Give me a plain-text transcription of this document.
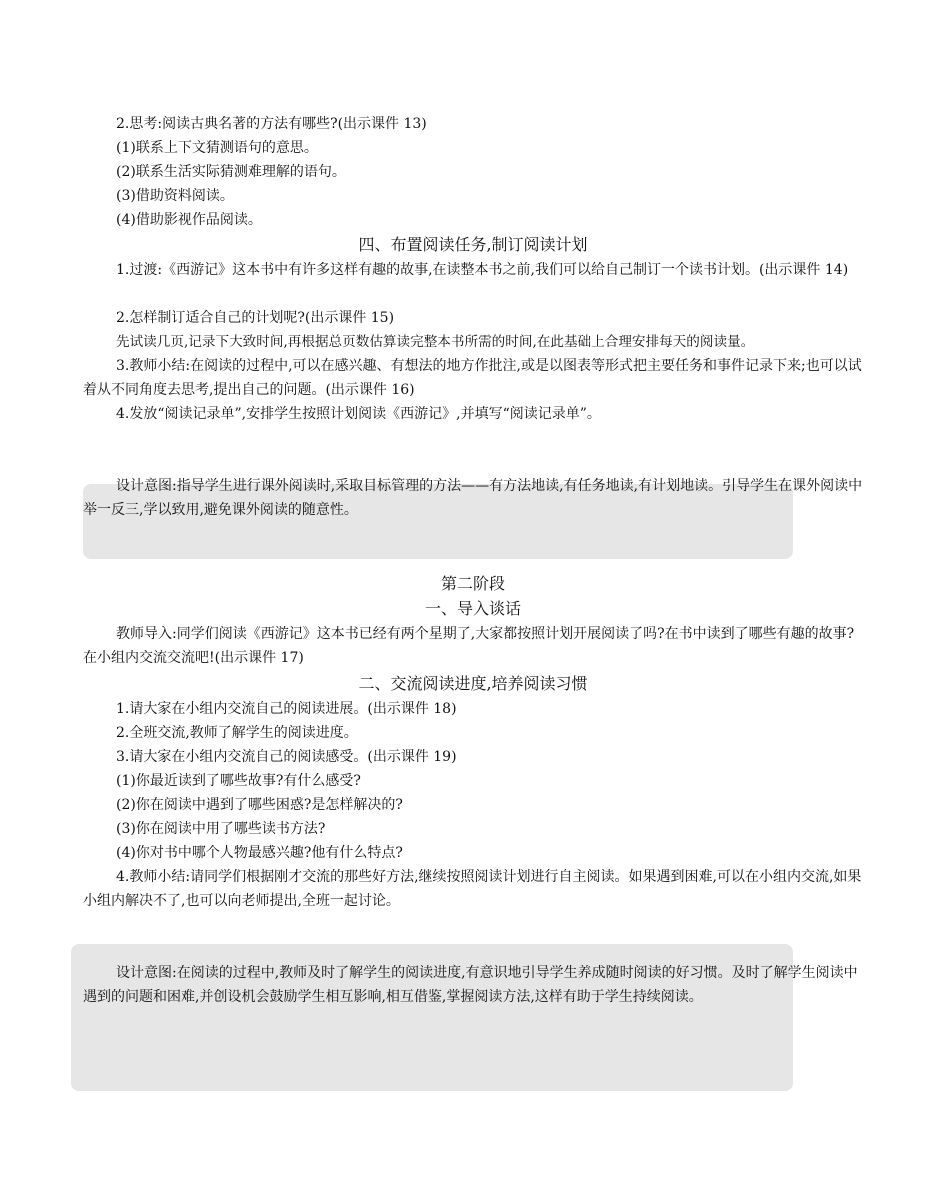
2.思考:阅读古典名著的方法有哪些?(出示课件 13)
(1)联系上下文猜测语句的意思。
(2)联系生活实际猜测难理解的语句。
(3)借助资料阅读。
(4)借助影视作品阅读。
四、布置阅读任务,制订阅读计划

1.过渡:《西游记》这本书中有许多这样有趣的故事,在读整本书之前,我们可以给自己制订一个读书计划。(出示课件 14)

2.怎样制订适合自己的计划呢?(出示课件 15)
先试读几页,记录下大致时间,再根据总页数估算读完整本书所需的时间,在此基础上合理安排每天的阅读量。

3.教师小结:在阅读的过程中,可以在感兴趣、有想法的地方作批注,或是以图表等形式把主要任务和事件记录下来;也可以试着从不同角度去思考,提出自己的问题。(出示课件 16)

4.发放“阅读记录单”,安排学生按照计划阅读《西游记》,并填写“阅读记录单”。

设计意图:指导学生进行课外阅读时,采取目标管理的方法——有方法地读,有任务地读,有计划地读。引导学生在课外阅读中举一反三,学以致用,避免课外阅读的随意性。

第二阶段
一、导入谈话

教师导入:同学们阅读《西游记》这本书已经有两个星期了,大家都按照计划开展阅读了吗?在书中读到了哪些有趣的故事?在小组内交流交流吧!(出示课件 17)

二、交流阅读进度,培养阅读习惯
1.请大家在小组内交流自己的阅读进展。(出示课件 18)
2.全班交流,教师了解学生的阅读进度。
3.请大家在小组内交流自己的阅读感受。(出示课件 19)
(1)你最近读到了哪些故事?有什么感受?
(2)你在阅读中遇到了哪些困惑?是怎样解决的?
(3)你在阅读中用了哪些读书方法?
(4)你对书中哪个人物最感兴趣?他有什么特点?

4.教师小结:请同学们根据刚才交流的那些好方法,继续按照阅读计划进行自主阅读。如果遇到困难,可以在小组内交流,如果小组内解决不了,也可以向老师提出,全班一起讨论。

设计意图:在阅读的过程中,教师及时了解学生的阅读进度,有意识地引导学生养成随时阅读的好习惯。及时了解学生阅读中遇到的问题和困难,并创设机会鼓励学生相互影响,相互借鉴,掌握阅读方法,这样有助于学生持续阅读。
